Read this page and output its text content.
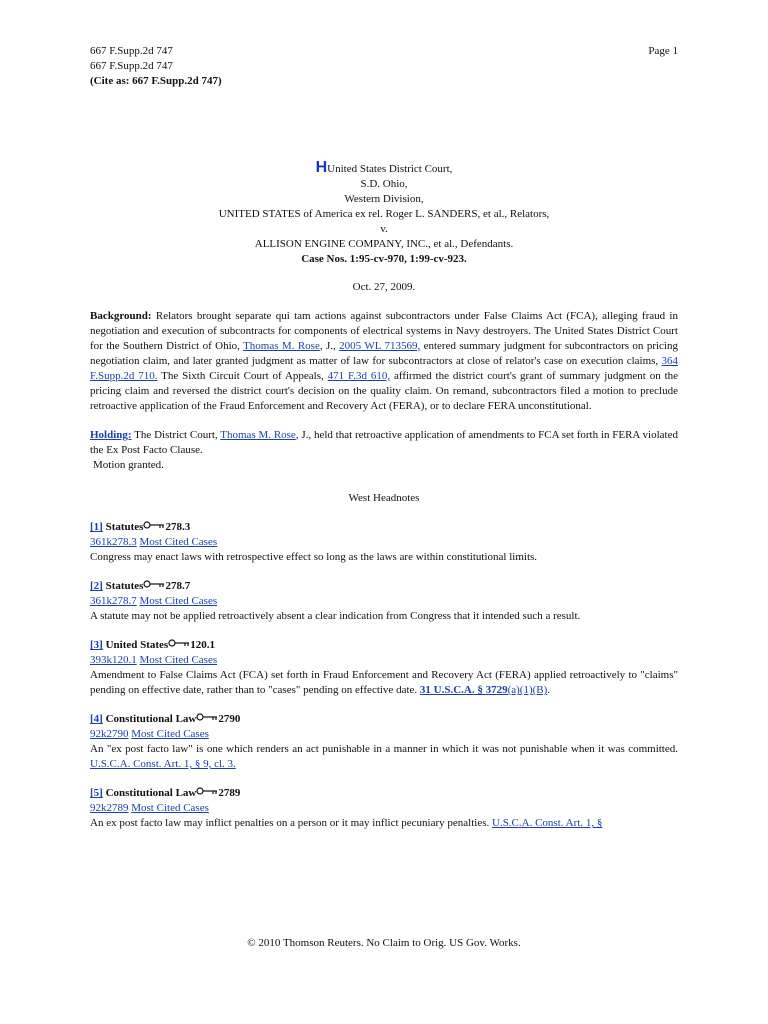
667 F.Supp.2d 747
667 F.Supp.2d 747
(Cite as: 667 F.Supp.2d 747)
Page 1
HUnited States District Court,
S.D. Ohio,
Western Division,
UNITED STATES of America ex rel. Roger L. SANDERS, et al., Relators,
v.
ALLISON ENGINE COMPANY, INC., et al., Defendants.
Case Nos. 1:95-cv-970, 1:99-cv-923.
Oct. 27, 2009.
Background: Relators brought separate qui tam actions against subcontractors under False Claims Act (FCA), alleging fraud in negotiation and execution of subcontracts for components of electrical systems in Navy destroyers. The United States District Court for the Southern District of Ohio, Thomas M. Rose, J., 2005 WL 713569, entered summary judgment for subcontractors on pricing negotiation claim, and later granted judgment as matter of law for subcontractors at close of relator's case on execution claims, 364 F.Supp.2d 710. The Sixth Circuit Court of Appeals, 471 F.3d 610, affirmed the district court's grant of summary judgment on the pricing claim and reversed the district court's decision on the quality claim. On remand, subcontractors filed a motion to preclude retroactive application of the Fraud Enforcement and Recovery Act (FERA), or to declare FERA unconstitutional.
Holding: The District Court, Thomas M. Rose, J., held that retroactive application of amendments to FCA set forth in FERA violated the Ex Post Facto Clause.
Motion granted.
West Headnotes
[1] Statutes 278.3
361k278.3 Most Cited Cases
Congress may enact laws with retrospective effect so long as the laws are within constitutional limits.
[2] Statutes 278.7
361k278.7 Most Cited Cases
A statute may not be applied retroactively absent a clear indication from Congress that it intended such a result.
[3] United States 120.1
393k120.1 Most Cited Cases
Amendment to False Claims Act (FCA) set forth in Fraud Enforcement and Recovery Act (FERA) applied retroactively to "claims" pending on effective date, rather than to "cases" pending on effective date. 31 U.S.C.A. § 3729(a)(1)(B).
[4] Constitutional Law 2790
92k2790 Most Cited Cases
An "ex post facto law" is one which renders an act punishable in a manner in which it was not punishable when it was committed. U.S.C.A. Const. Art. 1, § 9, cl. 3.
[5] Constitutional Law 2789
92k2789 Most Cited Cases
An ex post facto law may inflict penalties on a person or it may inflict pecuniary penalties. U.S.C.A. Const. Art. 1, §
© 2010 Thomson Reuters. No Claim to Orig. US Gov. Works.
